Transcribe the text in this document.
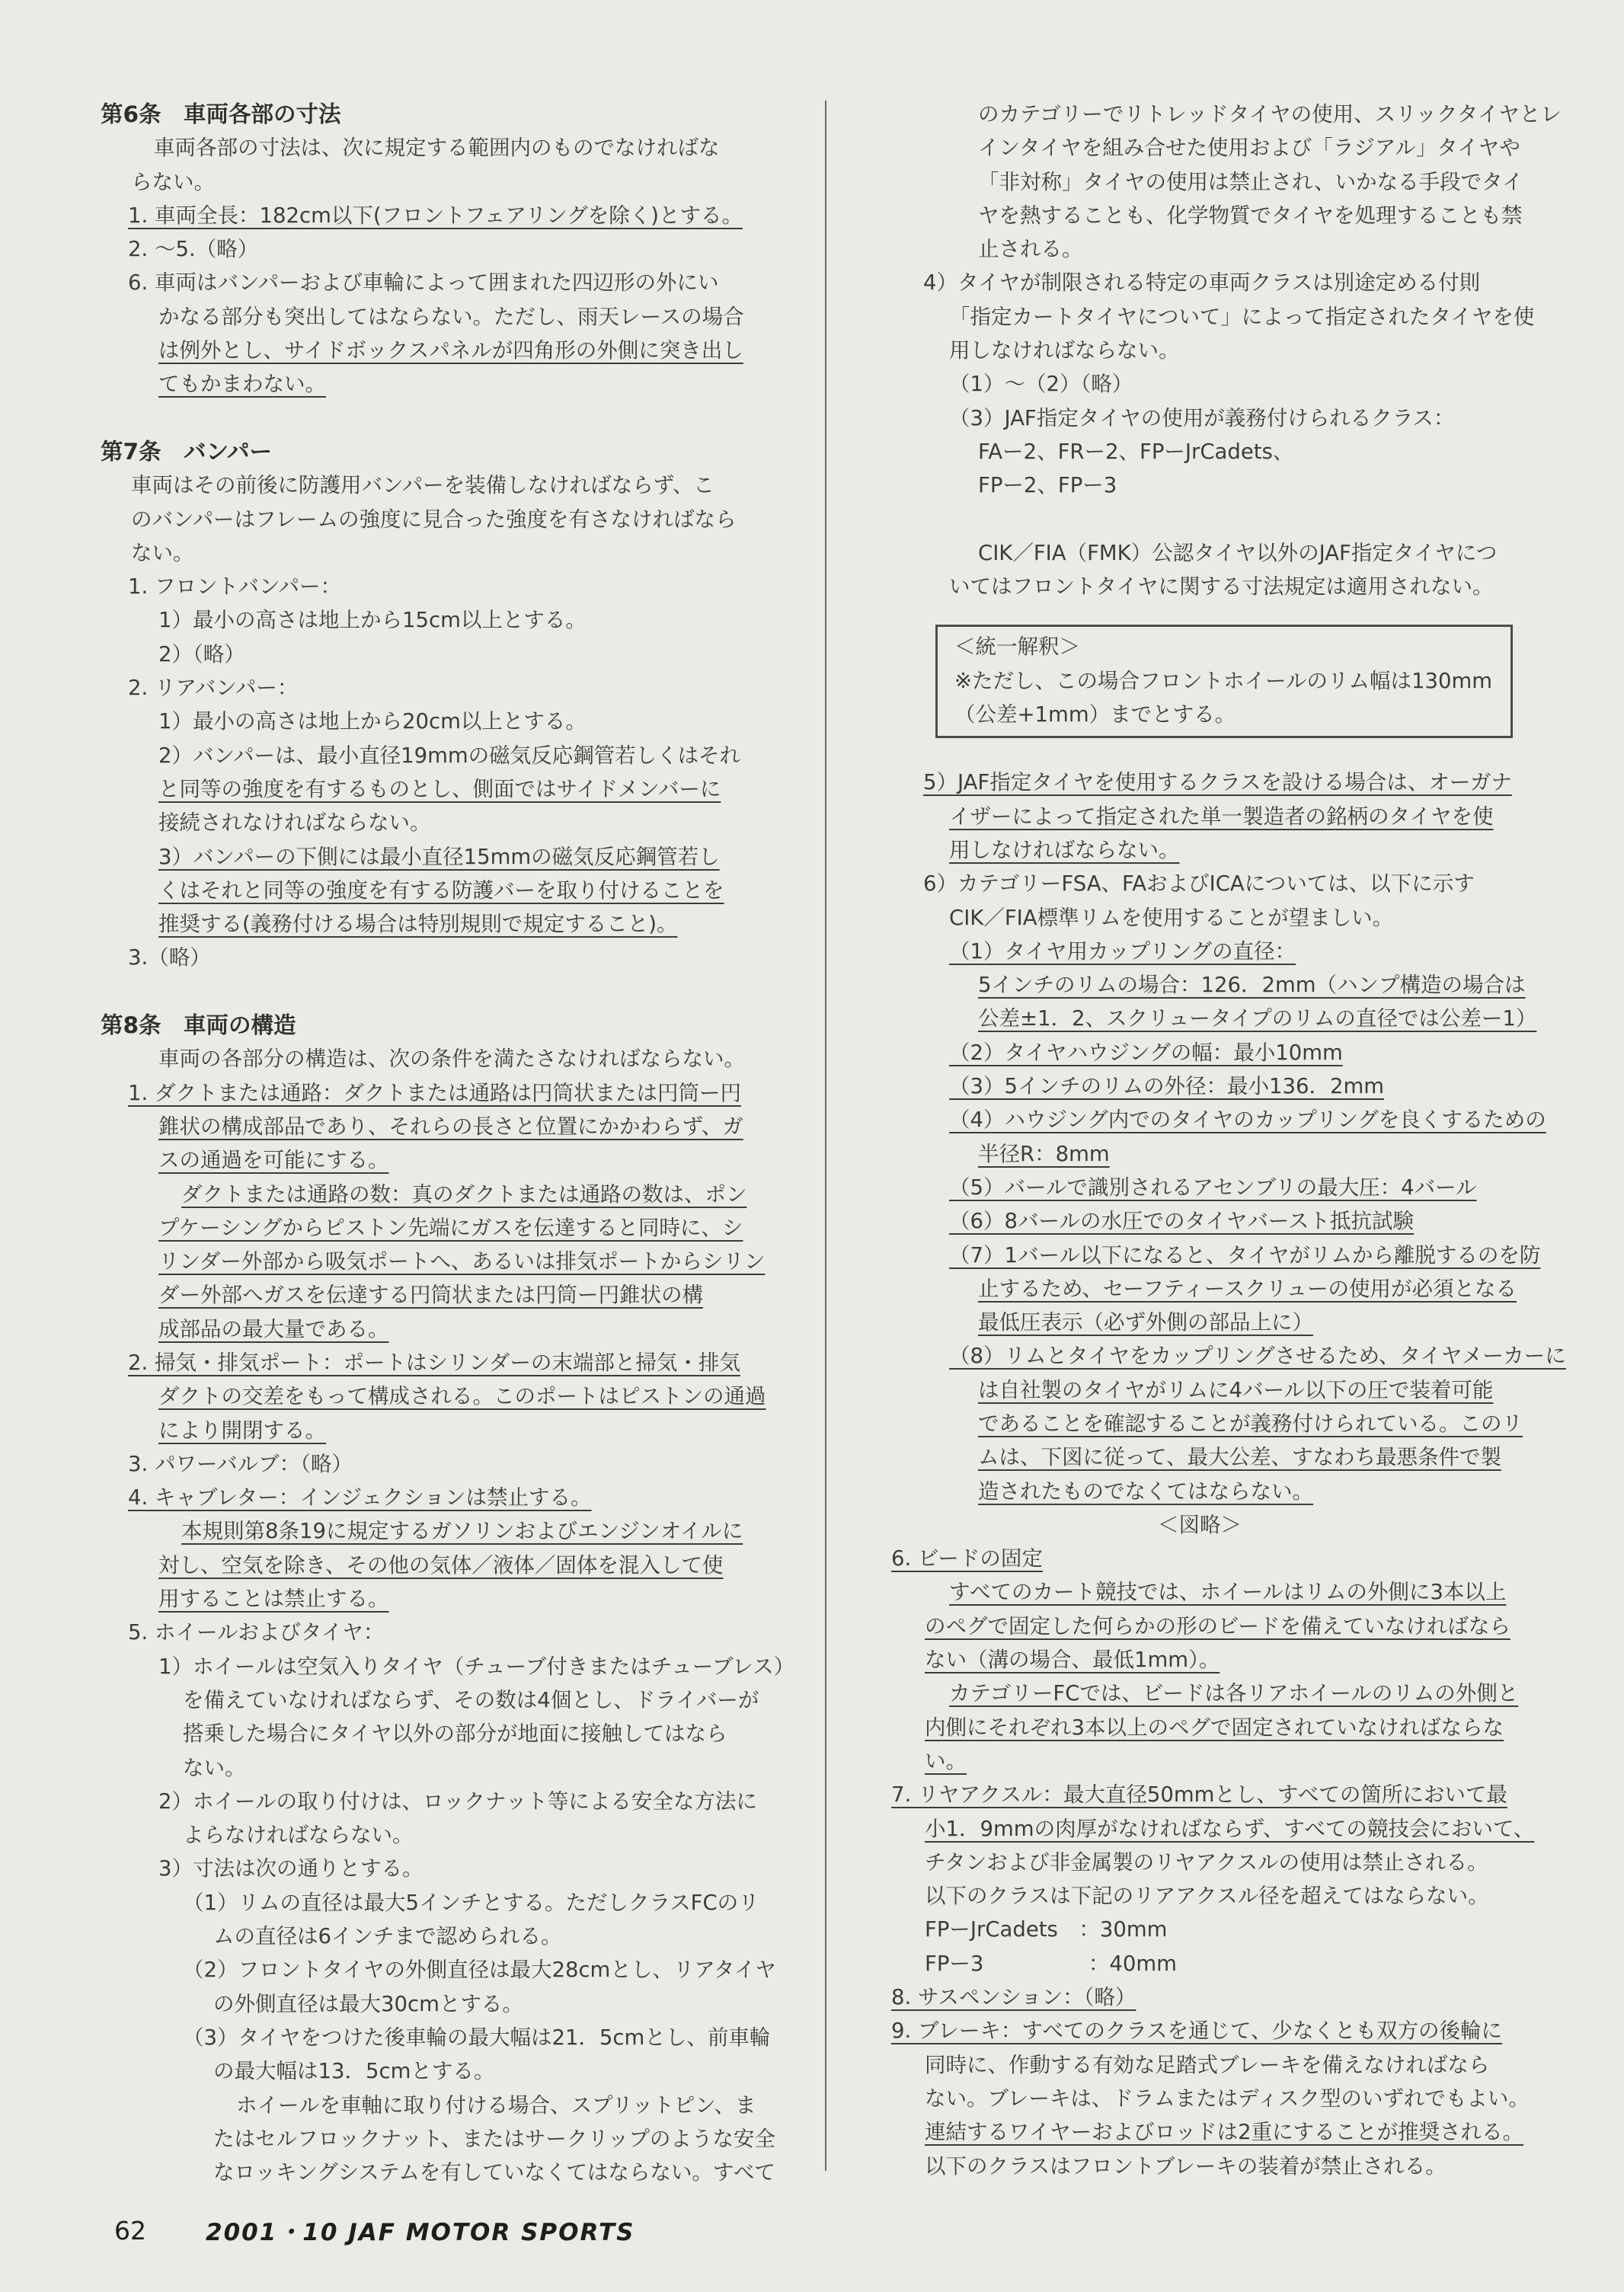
第6条　車両各部の寸法
車両各部の寸法は、次に規定する範囲内のものでなければな
らない。
1. 車両全長：182cm以下(フロントフェアリングを除く)とする。
2. ～5.（略）
6. 車両はバンパーおよび車輪によって囲まれた四辺形の外にい
かなる部分も突出してはならない。ただし、雨天レースの場合
は例外とし、サイドボックスパネルが四角形の外側に突き出し
てもかまわない。
第7条　バンパー
車両はその前後に防護用バンパーを装備しなければならず、こ
のバンパーはフレームの強度に見合った強度を有さなければなら
ない。
1. フロントバンパー：
1）最小の高さは地上から15cm以上とする。
2）（略）
2. リアバンパー：
1）最小の高さは地上から20cm以上とする。
2）バンパーは、最小直径19mmの磁気反応鋼管若しくはそれ
と同等の強度を有するものとし、側面ではサイドメンバーに
接続されなければならない。
3）バンパーの下側には最小直径15mmの磁気反応鋼管若し
くはそれと同等の強度を有する防護バーを取り付けることを
推奨する(義務付ける場合は特別規則で規定すること)。
3.（略）
第8条　車両の構造
車両の各部分の構造は、次の条件を満たさなければならない。
1. ダクトまたは通路：ダクトまたは通路は円筒状または円筒ー円
錐状の構成部品であり、それらの長さと位置にかかわらず、ガ
スの通過を可能にする。
ダクトまたは通路の数：真のダクトまたは通路の数は、ポン
プケーシングからピストン先端にガスを伝達すると同時に、シ
リンダー外部から吸気ポートへ、あるいは排気ポートからシリン
ダー外部へガスを伝達する円筒状または円筒ー円錐状の構
成部品の最大量である。
2. 掃気・排気ポート：ポートはシリンダーの末端部と掃気・排気
ダクトの交差をもって構成される。このポートはピストンの通過
により開閉する。
3. パワーバルブ：（略）
4. キャブレター：インジェクションは禁止する。
本規則第8条19に規定するガソリンおよびエンジンオイルに
対し、空気を除き、その他の気体／液体／固体を混入して使
用することは禁止する。
5. ホイールおよびタイヤ：
1）ホイールは空気入りタイヤ（チューブ付きまたはチューブレス）
を備えていなければならず、その数は4個とし、ドライバーが
搭乗した場合にタイヤ以外の部分が地面に接触してはなら
ない。
2）ホイールの取り付けは、ロックナット等による安全な方法に
よらなければならない。
3）寸法は次の通りとする。
（1）リムの直径は最大5インチとする。ただしクラスFCのリ
ムの直径は6インチまで認められる。
（2）フロントタイヤの外側直径は最大28cmとし、リアタイヤ
の外側直径は最大30cmとする。
（3）タイヤをつけた後車輪の最大幅は21．5cmとし、前車輪
の最大幅は13．5cmとする。
ホイールを車軸に取り付ける場合、スプリットピン、ま
たはセルフロックナット、またはサークリップのような安全
なロッキングシステムを有していなくてはならない。すべて
のカテゴリーでリトレッドタイヤの使用、スリックタイヤとレ
インタイヤを組み合せた使用および「ラジアル」タイヤや
「非対称」タイヤの使用は禁止され、いかなる手段でタイ
ヤを熱することも、化学物質でタイヤを処理することも禁
止される。
4）タイヤが制限される特定の車両クラスは別途定める付則
「指定カートタイヤについて」によって指定されたタイヤを使
用しなければならない。
（1）～（2）（略）
（3）JAF指定タイヤの使用が義務付けられるクラス：
FAー2、FRー2、FPーJrCadets、
FPー2、FPー3
CIK／FIA（FMK）公認タイヤ以外のJAF指定タイヤにつ
いてはフロントタイヤに関する寸法規定は適用されない。
＜統一解釈＞
※ただし、この場合フロントホイールのリム幅は130mm
（公差+1mm）までとする。
5）JAF指定タイヤを使用するクラスを設ける場合は、オーガナ
イザーによって指定された単一製造者の銘柄のタイヤを使
用しなければならない。
6）カテゴリーFSA、FAおよびICAについては、以下に示す
CIK／FIA標準リムを使用することが望ましい。
（1）タイヤ用カップリングの直径：
5インチのリムの場合：126．2mm（ハンプ構造の場合は
公差±1．2、スクリュータイプのリムの直径では公差ー1）
（2）タイヤハウジングの幅：最小10mm
（3）5インチのリムの外径：最小136．2mm
（4）ハウジング内でのタイヤのカップリングを良くするための
半径R：8mm
（5）バールで識別されるアセンブリの最大圧：4バール
（6）8バールの水圧でのタイヤバースト抵抗試験
（7）1バール以下になると、タイヤがリムから離脱するのを防
止するため、セーフティースクリューの使用が必須となる
最低圧表示（必ず外側の部品上に）
（8）リムとタイヤをカップリングさせるため、タイヤメーカーに
は自社製のタイヤがリムに4バール以下の圧で装着可能
であることを確認することが義務付けられている。このリ
ムは、下図に従って、最大公差、すなわち最悪条件で製
造されたものでなくてはならない。
＜図略＞
6. ビードの固定
すべてのカート競技では、ホイールはリムの外側に3本以上
のペグで固定した何らかの形のビードを備えていなければなら
ない（溝の場合、最低1mm）。
カテゴリーFCでは、ビードは各リアホイールのリムの外側と
内側にそれぞれ3本以上のペグで固定されていなければならな
い。
7. リヤアクスル：最大直径50mmとし、すべての箇所において最
小1．9mmの肉厚がなければならず、すべての競技会において、
チタンおよび非金属製のリヤアクスルの使用は禁止される。
以下のクラスは下記のリアアクスル径を超えてはならない。
FPーJrCadets　：30mm
FPー3　　　　　：40mm
8. サスペンション：（略）
9. ブレーキ：すべてのクラスを通じて、少なくとも双方の後輪に
同時に、作動する有効な足踏式ブレーキを備えなければなら
ない。ブレーキは、ドラムまたはディスク型のいずれでもよい。
連結するワイヤーおよびロッドは2重にすることが推奨される。
以下のクラスはフロントブレーキの装着が禁止される。
62	2001・10 JAF MOTOR SPORTS
